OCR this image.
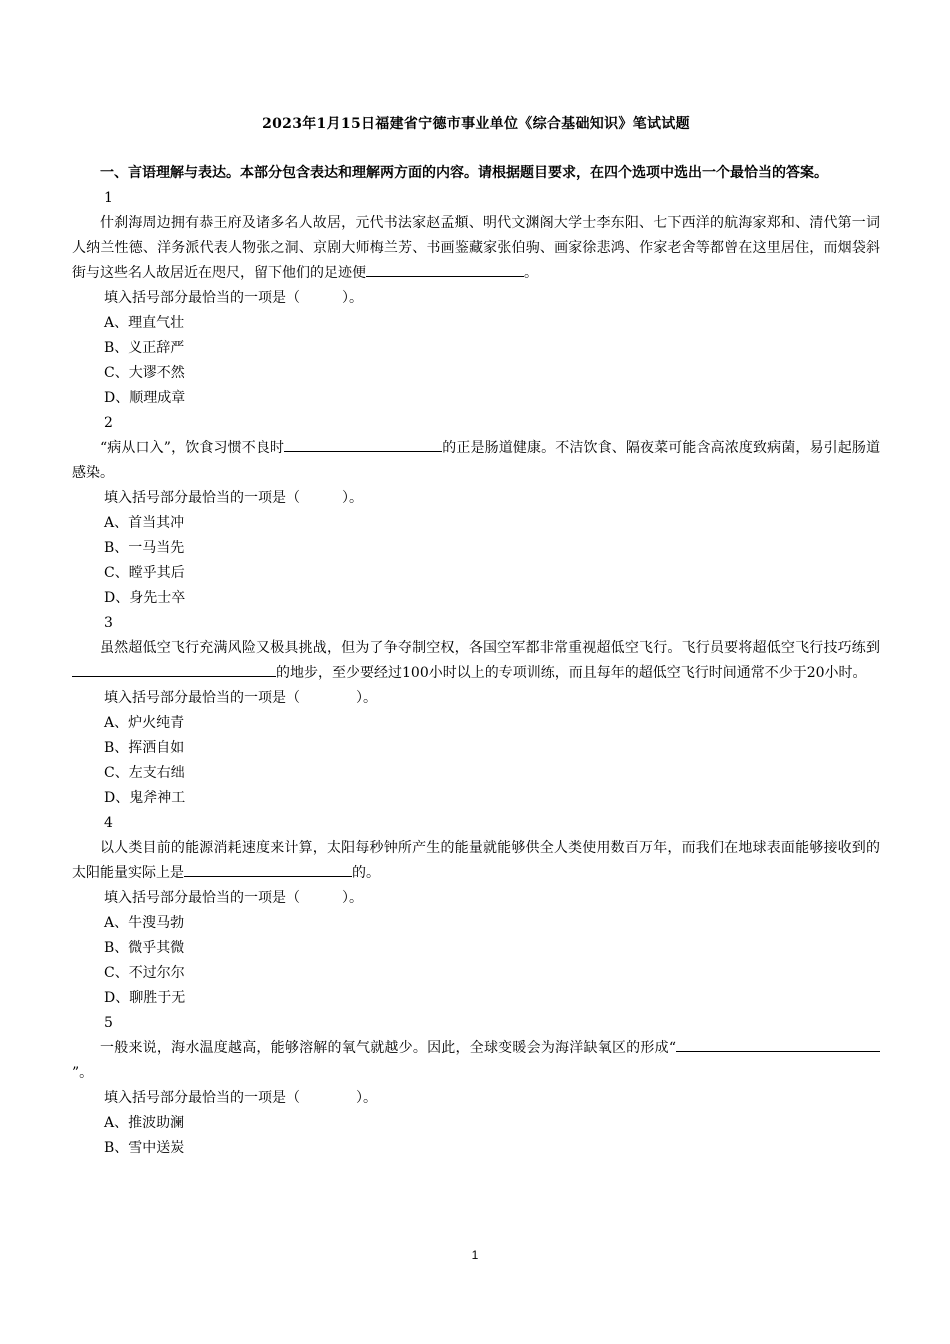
2023年1月15日福建省宁德市事业单位《综合基础知识》笔试试题

一、言语理解与表达。本部分包含表达和理解两方面的内容。请根据题目要求，在四个选项中选出一个最恰当的答案。

1

什刹海周边拥有恭王府及诸多名人故居，元代书法家赵孟頫、明代文渊阁大学士李东阳、七下西洋的航海家郑和、清代第一词人纳兰性德、洋务派代表人物张之洞、京剧大师梅兰芳、书画鉴藏家张伯驹、画家徐悲鸿、作家老舍等都曾在这里居住，而烟袋斜街与这些名人故居近在咫尺，留下他们的足迹便	。

填入括号部分最恰当的一项是（　　　）。

A、理直气壮

B、义正辞严

C、大谬不然

D、顺理成章

2

“病从口入”，饮食习惯不良时	的正是肠道健康。不洁饮食、隔夜菜可能含高浓度致病菌，易引起肠道感染。

填入括号部分最恰当的一项是（　　　）。

A、首当其冲

B、一马当先

C、瞠乎其后

D、身先士卒

3

虽然超低空飞行充满风险又极具挑战，但为了争夺制空权，各国空军都非常重视超低空飞行。飞行员要将超低空飞行技巧练到的地步，至少要经过100小时以上的专项训练，而且每年的超低空飞行时间通常不少于20小时。

填入括号部分最恰当的一项是（　　　　）。

A、炉火纯青

B、挥洒自如

C、左支右绌

D、鬼斧神工

4

以人类目前的能源消耗速度来计算，太阳每秒钟所产生的能量就能够供全人类使用数百万年，而我们在地球表面能够接收到的太阳能量实际上是	的。

填入括号部分最恰当的一项是（　　　）。

A、牛溲马勃

B、微乎其微

C、不过尔尔

D、聊胜于无

5

一般来说，海水温度越高，能够溶解的氧气就越少。因此，全球变暖会为海洋缺氧区的形成“”。

填入括号部分最恰当的一项是（　　　　）。

A、推波助澜

B、雪中送炭

1
